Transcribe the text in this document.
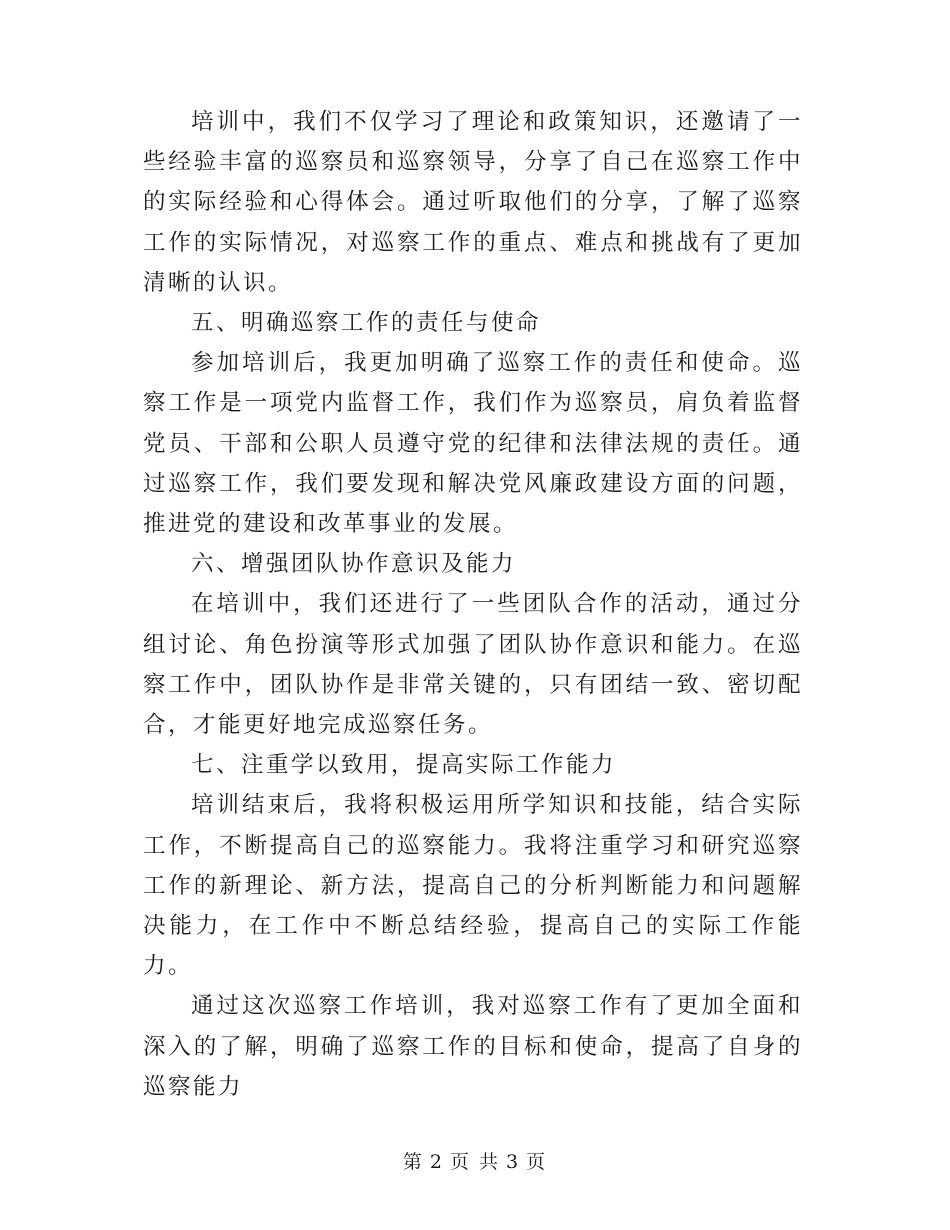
培训中，我们不仅学习了理论和政策知识，还邀请了一些经验丰富的巡察员和巡察领导，分享了自己在巡察工作中的实际经验和心得体会。通过听取他们的分享，了解了巡察工作的实际情况，对巡察工作的重点、难点和挑战有了更加清晰的认识。

五、明确巡察工作的责任与使命

参加培训后，我更加明确了巡察工作的责任和使命。巡察工作是一项党内监督工作，我们作为巡察员，肩负着监督党员、干部和公职人员遵守党的纪律和法律法规的责任。通过巡察工作，我们要发现和解决党风廉政建设方面的问题，推进党的建设和改革事业的发展。

六、增强团队协作意识及能力

在培训中，我们还进行了一些团队合作的活动，通过分组讨论、角色扮演等形式加强了团队协作意识和能力。在巡察工作中，团队协作是非常关键的，只有团结一致、密切配合，才能更好地完成巡察任务。

七、注重学以致用，提高实际工作能力

培训结束后，我将积极运用所学知识和技能，结合实际工作，不断提高自己的巡察能力。我将注重学习和研究巡察工作的新理论、新方法，提高自己的分析判断能力和问题解决能力，在工作中不断总结经验，提高自己的实际工作能力。

通过这次巡察工作培训，我对巡察工作有了更加全面和深入的了解，明确了巡察工作的目标和使命，提高了自身的巡察能力

第 2 页 共 3 页
